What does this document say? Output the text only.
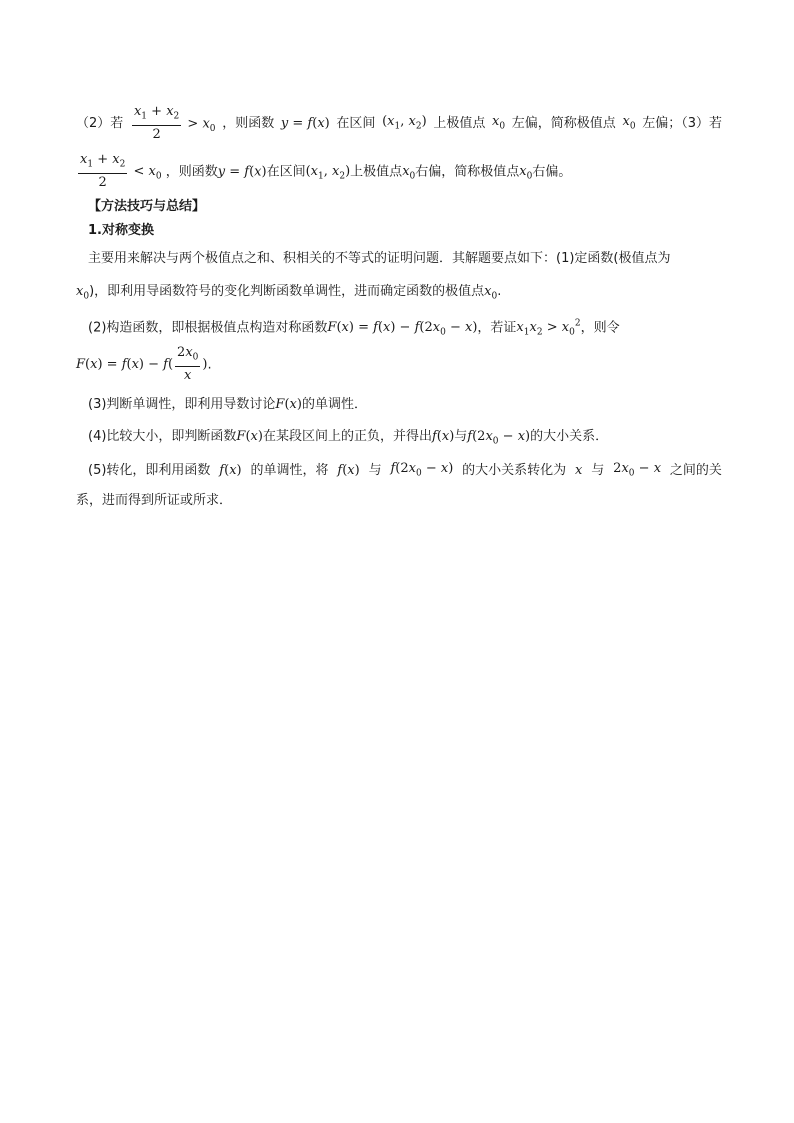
（2）若 $\frac{x_1 + x_2}{2} > x_0$ ，则函数 y = f(x) 在区间 ($x_1$, $x_2$) 上极值点 $x_0$ 左偏，简称极值点 $x_0$ 左偏；（3）若
$\frac{x_1 + x_2}{2} < x_0$ ，则函数y = f(x)在区间($x_1$, $x_2$)上极值点$x_0$右偏，简称极值点$x_0$右偏。
【方法技巧与总结】
1.对称变换
主要用来解决与两个极值点之和、积相关的不等式的证明问题．其解题要点如下：(1)定函数(极值点为
$x_0$)，即利用导函数符号的变化判断函数单调性，进而确定函数的极值点$x_0$.
(2)构造函数，即根据极值点构造对称函数$F(x) = f(x) - f(2x_0 - x)$，若证$x_1x_2 > x_0^2$，则令
$F(x) = f(x) - f( \frac{2x_0}{x}$ ).
(3)判断单调性，即利用导数讨论F(x)的单调性．
(4)比较大小，即判断函数F(x)在某段区间上的正负，并得出f(x)与$f(2x_0 - x)$的大小关系．
(5)转化，即利用函数 f(x) 的单调性，将 f(x) 与 $f(2x_0 - x)$ 的大小关系转化为 x 与 $2x_0 - x$ 之间的关
系，进而得到所证或所求．
